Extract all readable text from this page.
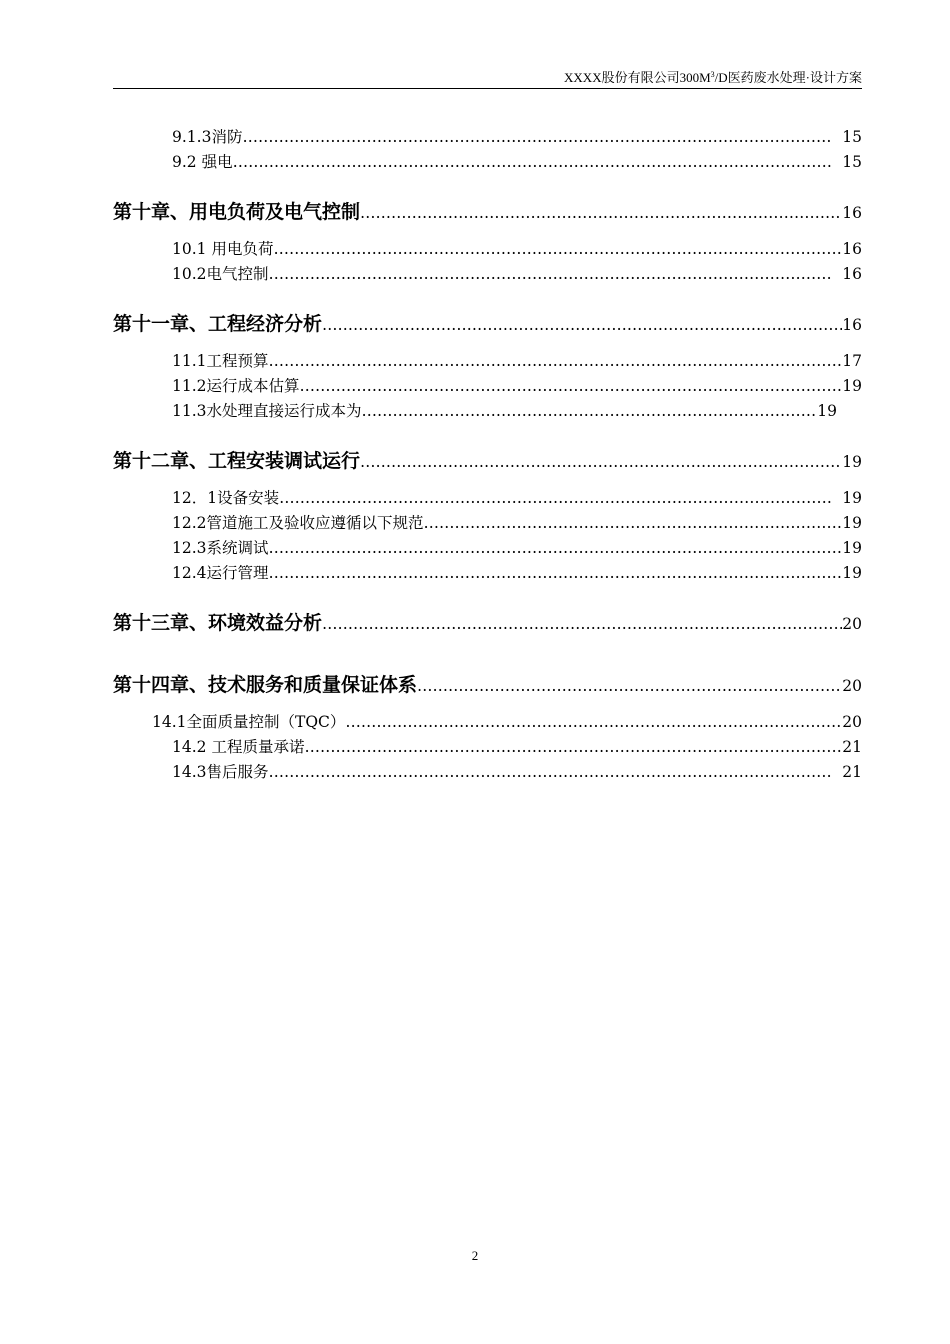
XXXX股份有限公司$300M^3/D$医药废水处理·设计方案
9.1.3消防 ………………………………………………………………………………………………………………………………………………………………………………	15
9.2 强电 ………………………………………………………………………………………………………………………………………………………………………………	15
第十章、用电负荷及电气控制 ………………………………………………………………………………………………………………………………………………………………………………	16
10.1 用电负荷 ………………………………………………………………………………………………………………………………………………………………………………	16
10.2电气控制 ………………………………………………………………………………………………………………………………………………………………………………	16
第十一章、工程经济分析 ………………………………………………………………………………………………………………………………………………………………………………	16
11.1工程预算 ………………………………………………………………………………………………………………………………………………………………………………	17
11.2运行成本估算 ………………………………………………………………………………………………………………………………………………………………………………	19
11.3水处理直接运行成本为 ………………………………………………………………………………………………………………………………………………………………………………	19
第十二章、工程安装调试运行 ………………………………………………………………………………………………………………………………………………………………………………	19
12．1设备安装 ………………………………………………………………………………………………………………………………………………………………………………	19
12.2管道施工及验收应遵循以下规范 ………………………………………………………………………………………………………………………………………………………………………………	19
12.3系统调试 ………………………………………………………………………………………………………………………………………………………………………………	19
12.4运行管理 ………………………………………………………………………………………………………………………………………………………………………………	19
第十三章、环境效益分析 ………………………………………………………………………………………………………………………………………………………………………………	20
第十四章、技术服务和质量保证体系 ………………………………………………………………………………………………………………………………………………………………………………	20
14.1全面质量控制（TQC） ………………………………………………………………………………………………………………………………………………………………………………	20
14.2 工程质量承诺 ………………………………………………………………………………………………………………………………………………………………………………	21
14.3售后服务 ………………………………………………………………………………………………………………………………………………………………………………	21
2
